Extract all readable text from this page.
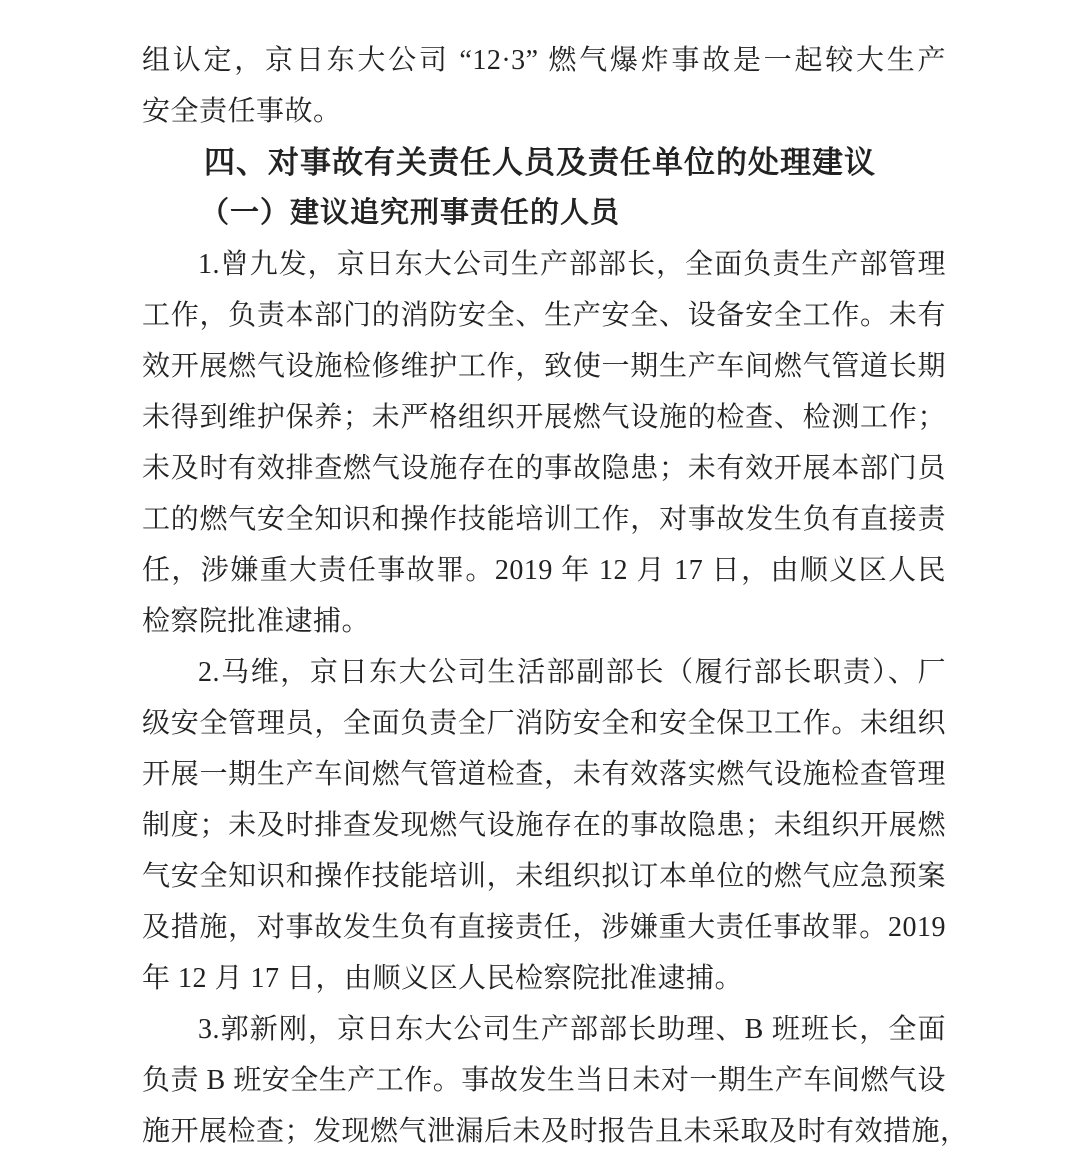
组认定，京日东大公司 “12·3” 燃气爆炸事故是一起较大生产
安全责任事故。
四、对事故有关责任人员及责任单位的处理建议
（一）建议追究刑事责任的人员
1.曾九发，京日东大公司生产部部长，全面负责生产部管理
工作，负责本部门的消防安全、生产安全、设备安全工作。未有
效开展燃气设施检修维护工作，致使一期生产车间燃气管道长期
未得到维护保养；未严格组织开展燃气设施的检查、检测工作；
未及时有效排查燃气设施存在的事故隐患；未有效开展本部门员
工的燃气安全知识和操作技能培训工作，对事故发生负有直接责
任，涉嫌重大责任事故罪。2019 年 12 月 17 日，由顺义区人民
检察院批准逮捕。
2.马维，京日东大公司生活部副部长（履行部长职责）、厂
级安全管理员，全面负责全厂消防安全和安全保卫工作。未组织
开展一期生产车间燃气管道检查，未有效落实燃气设施检查管理
制度；未及时排查发现燃气设施存在的事故隐患；未组织开展燃
气安全知识和操作技能培训，未组织拟订本单位的燃气应急预案
及措施，对事故发生负有直接责任，涉嫌重大责任事故罪。2019
年 12 月 17 日，由顺义区人民检察院批准逮捕。
3.郭新刚，京日东大公司生产部部长助理、B 班班长，全面
负责 B 班安全生产工作。事故发生当日未对一期生产车间燃气设
施开展检查；发现燃气泄漏后未及时报告且未采取及时有效措施，
